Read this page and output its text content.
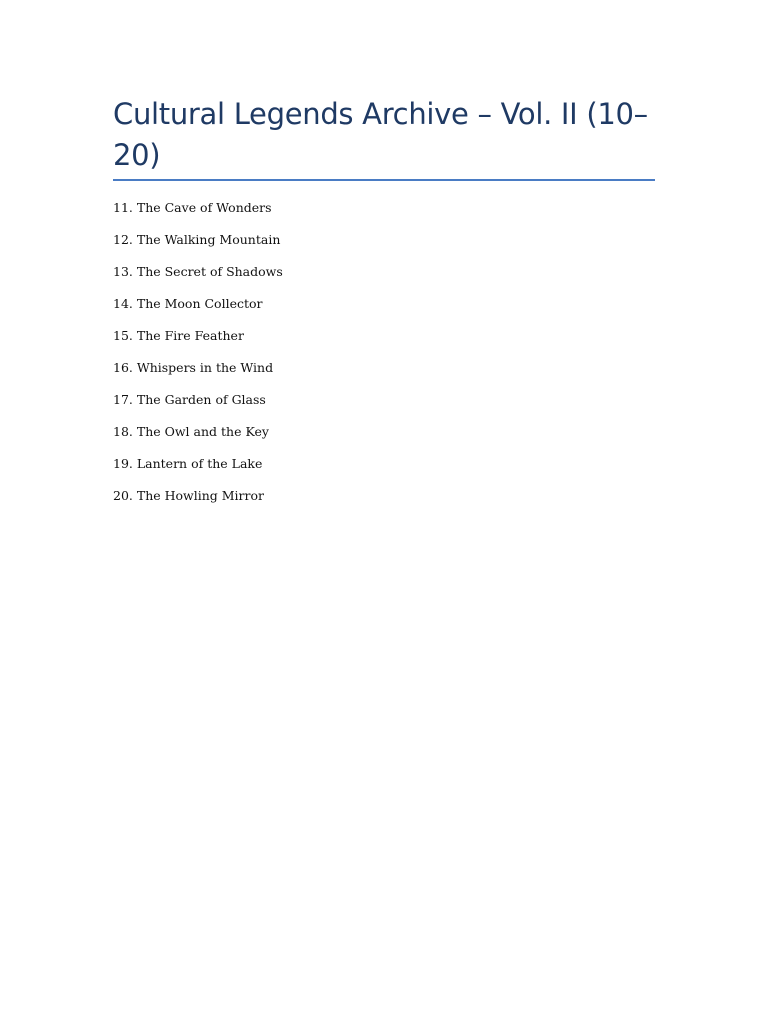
Cultural Legends Archive – Vol. II (10–20)
11. The Cave of Wonders
12. The Walking Mountain
13. The Secret of Shadows
14. The Moon Collector
15. The Fire Feather
16. Whispers in the Wind
17. The Garden of Glass
18. The Owl and the Key
19. Lantern of the Lake
20. The Howling Mirror
